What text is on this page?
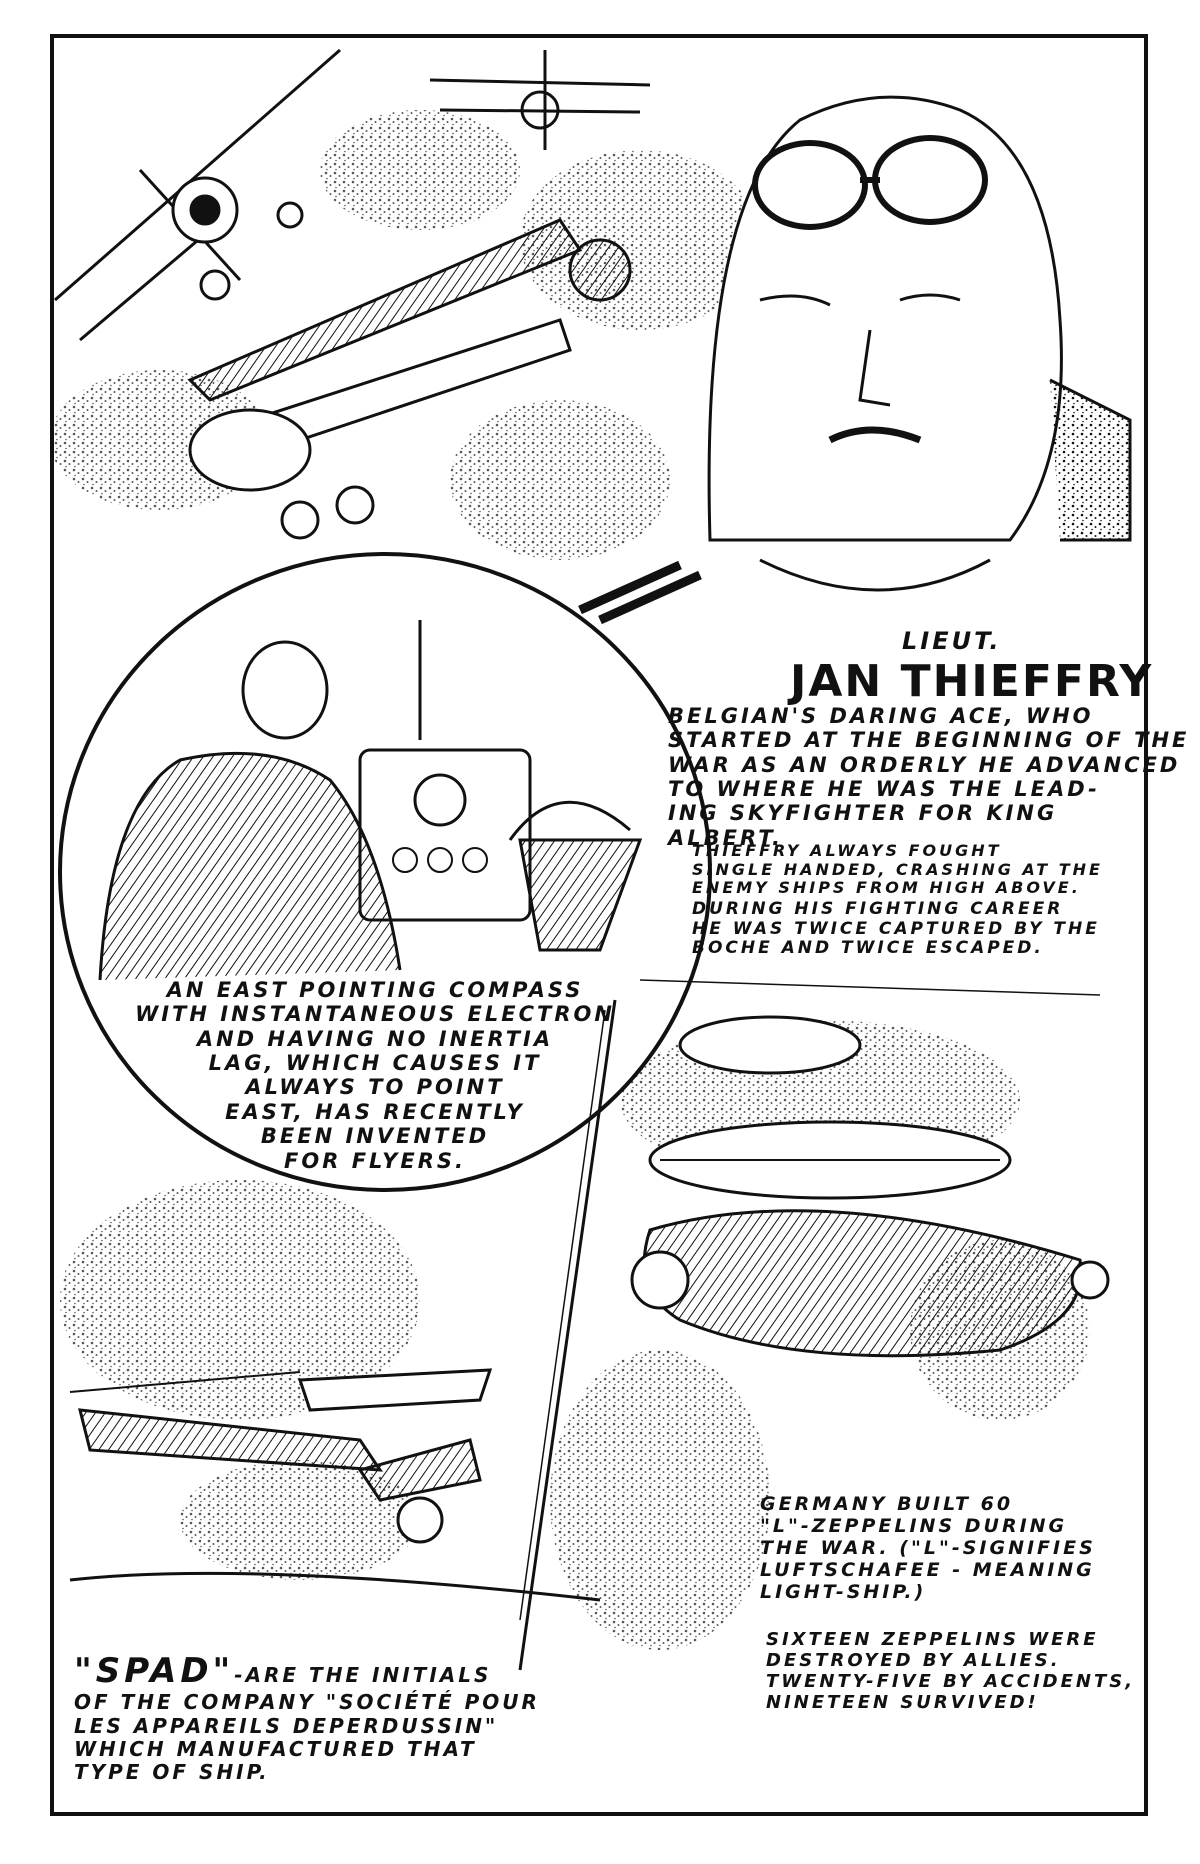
LIEUT.
JAN THIEFFRY
BELGIAN'S DARING ACE, WHO
STARTED AT THE BEGINNING OF THE
WAR AS AN ORDERLY HE ADVANCED
TO WHERE HE WAS THE LEAD-
ING SKYFIGHTER FOR KING
ALBERT.
THIEFFRY ALWAYS FOUGHT
SINGLE HANDED, CRASHING AT THE
ENEMY SHIPS FROM HIGH ABOVE.
DURING HIS FIGHTING CAREER
HE WAS TWICE CAPTURED BY THE
BOCHE AND TWICE ESCAPED.
AN EAST POINTING COMPASS
WITH INSTANTANEOUS ELECTRON
AND HAVING NO INERTIA
LAG, WHICH CAUSES IT
ALWAYS TO POINT
EAST, HAS RECENTLY
BEEN INVENTED
FOR FLYERS.
GERMANY BUILT 60
"L"-ZEPPELINS DURING
THE WAR. ("L"-SIGNIFIES
LUFTSCHAFEE - MEANING
LIGHT-SHIP.)
SIXTEEN ZEPPELINS WERE
DESTROYED BY ALLIES.
TWENTY-FIVE BY ACCIDENTS,
NINETEEN SURVIVED!
"SPAD"-ARE THE INITIALS
OF THE COMPANY "SOCIÉTÉ POUR
LES APPAREILS DEPERDUSSIN"
WHICH MANUFACTURED THAT
TYPE OF SHIP.
